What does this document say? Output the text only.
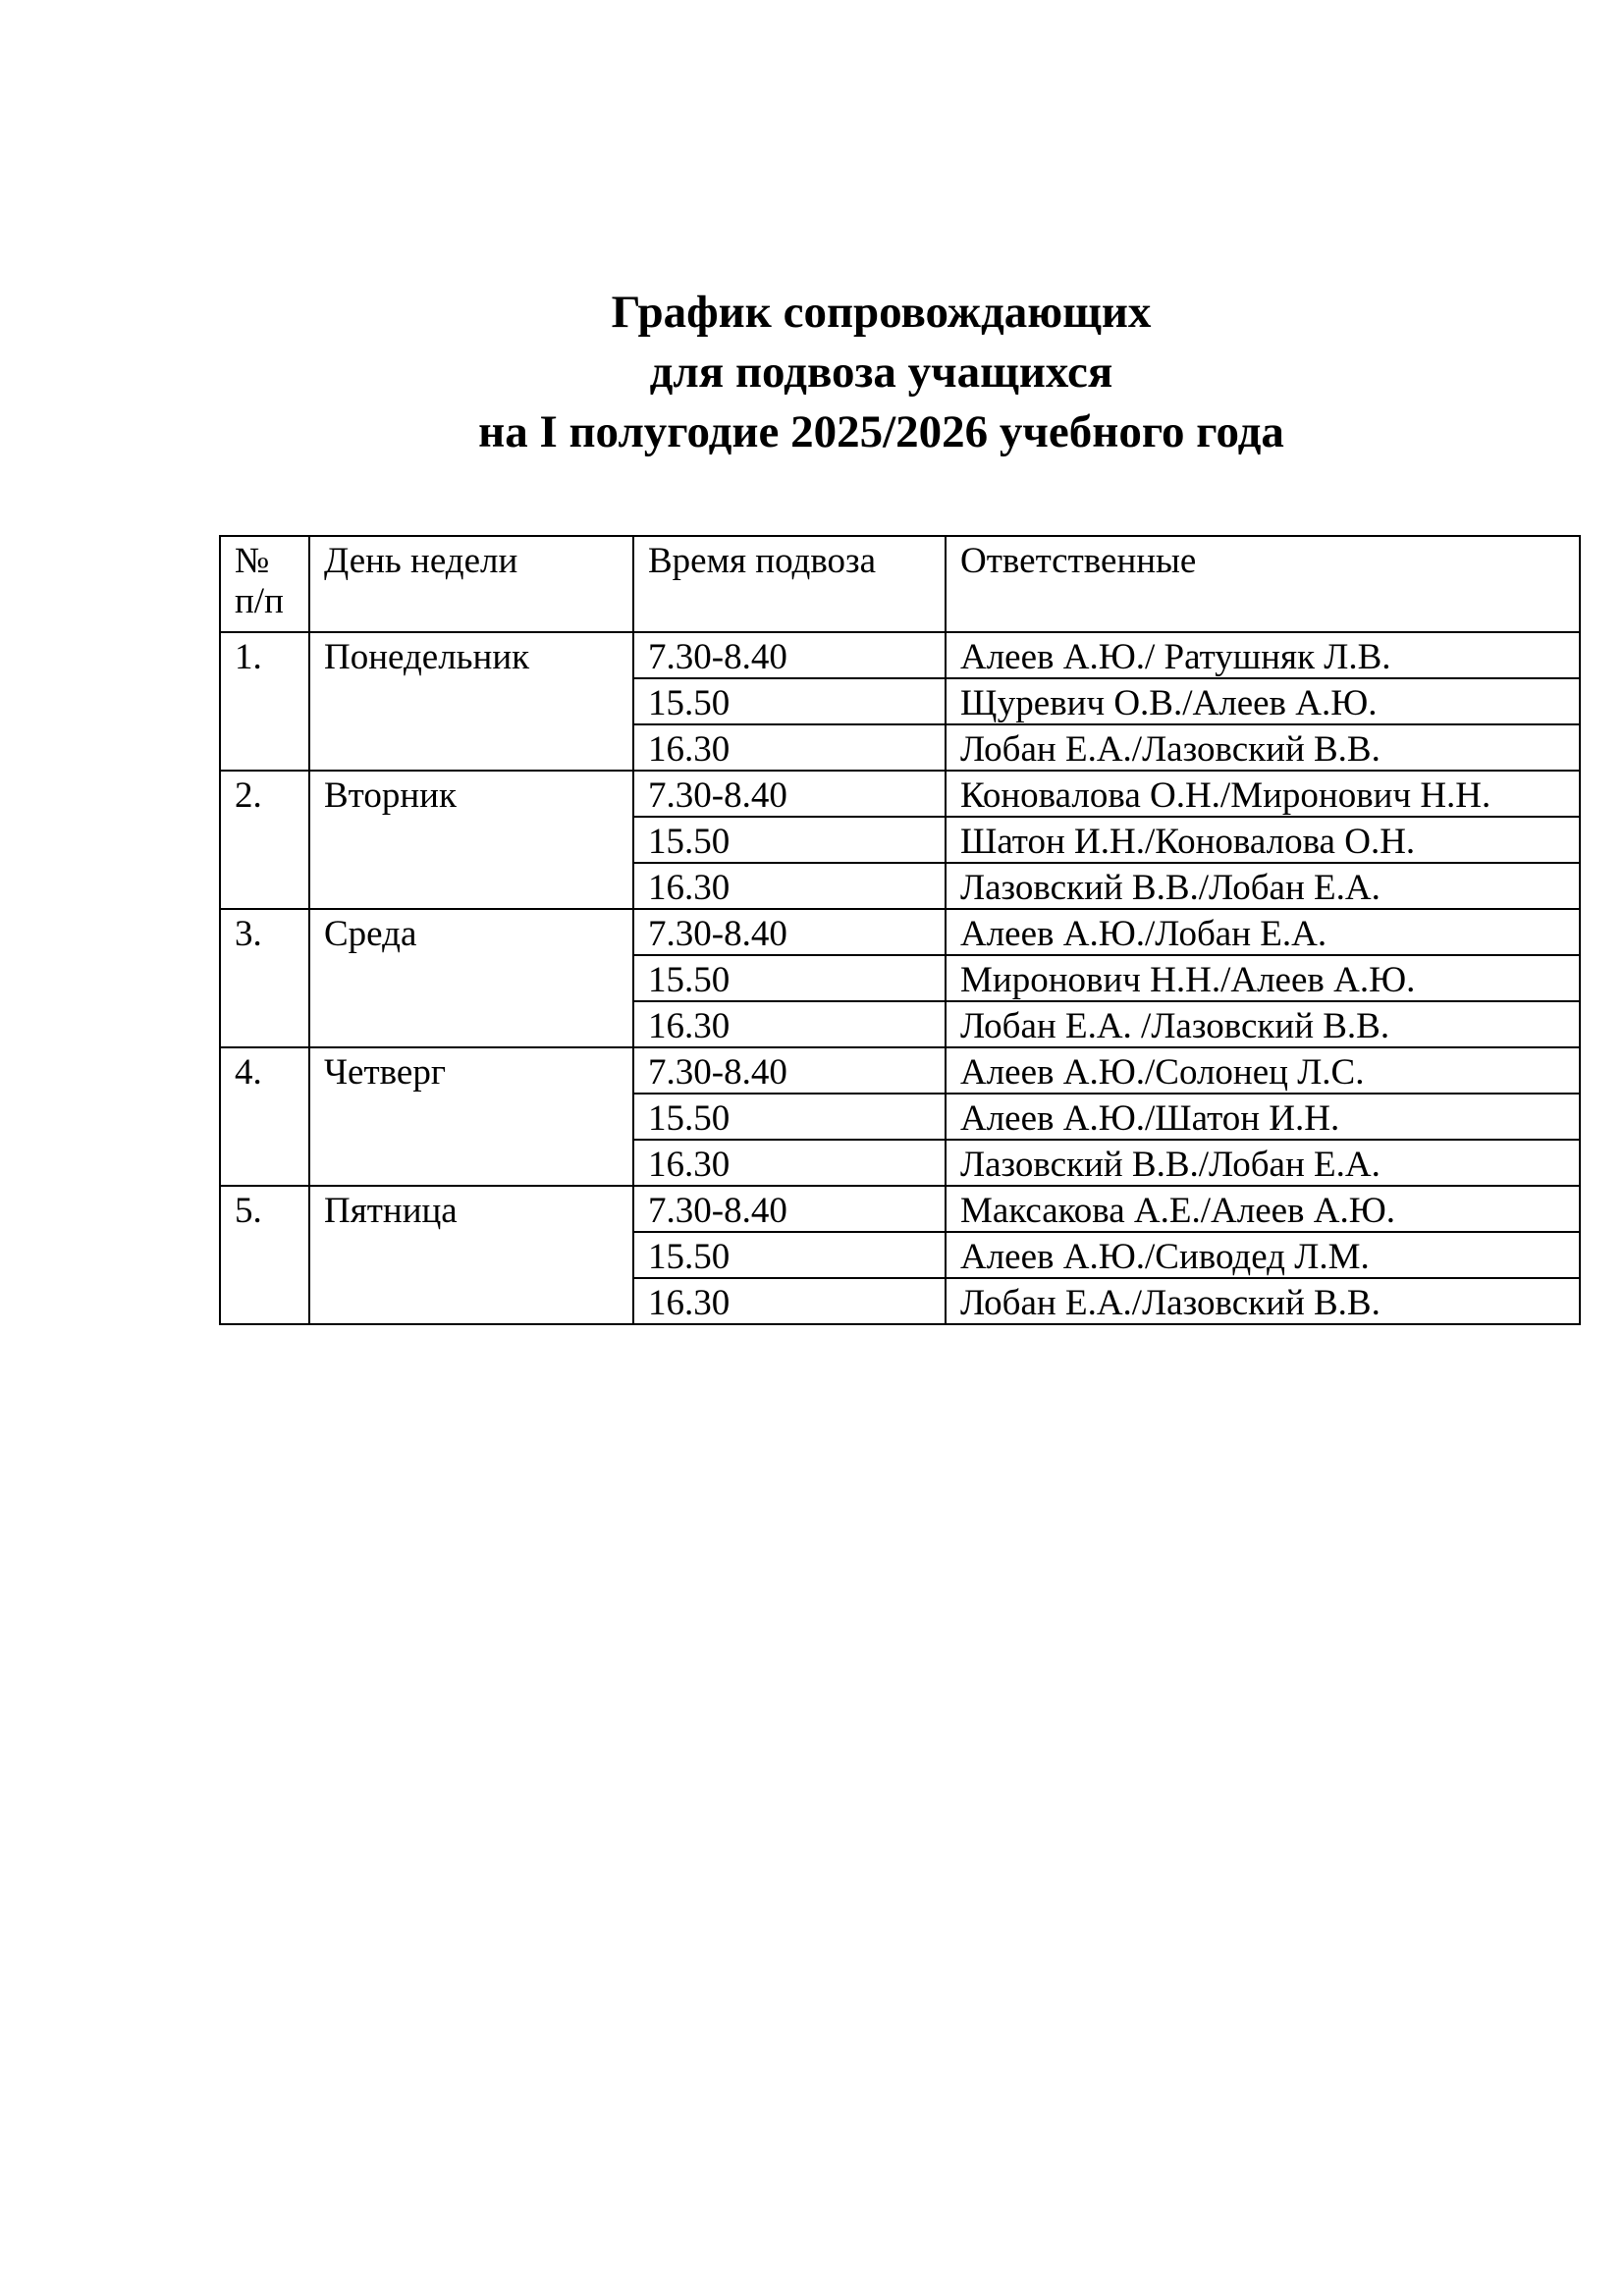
График сопровождающих
для подвоза учащихся
на I полугодие 2025/2026 учебного года
№ п/п	День недели	Время подвоза	Ответственные
1.	Понедельник	7.30-8.40	Алеев А.Ю./ Ратушняк Л.В.
		15.50	Щуревич О.В./Алеев А.Ю.
		16.30	Лобан Е.А./Лазовский В.В.
2.	Вторник	7.30-8.40	Коновалова О.Н./Миронович Н.Н.
		15.50	Шатон И.Н./Коновалова О.Н.
		16.30	Лазовский В.В./Лобан Е.А.
3.	Среда	7.30-8.40	Алеев А.Ю./Лобан Е.А.
		15.50	Миронович Н.Н./Алеев А.Ю.
		16.30	Лобан Е.А. /Лазовский В.В.
4.	Четверг	7.30-8.40	Алеев А.Ю./Солонец Л.С.
		15.50	Алеев А.Ю./Шатон И.Н.
		16.30	Лазовский В.В./Лобан Е.А.
5.	Пятница	7.30-8.40	Максакова А.Е./Алеев А.Ю.
		15.50	Алеев А.Ю./Сиводед Л.М.
		16.30	Лобан Е.А./Лазовский В.В.
